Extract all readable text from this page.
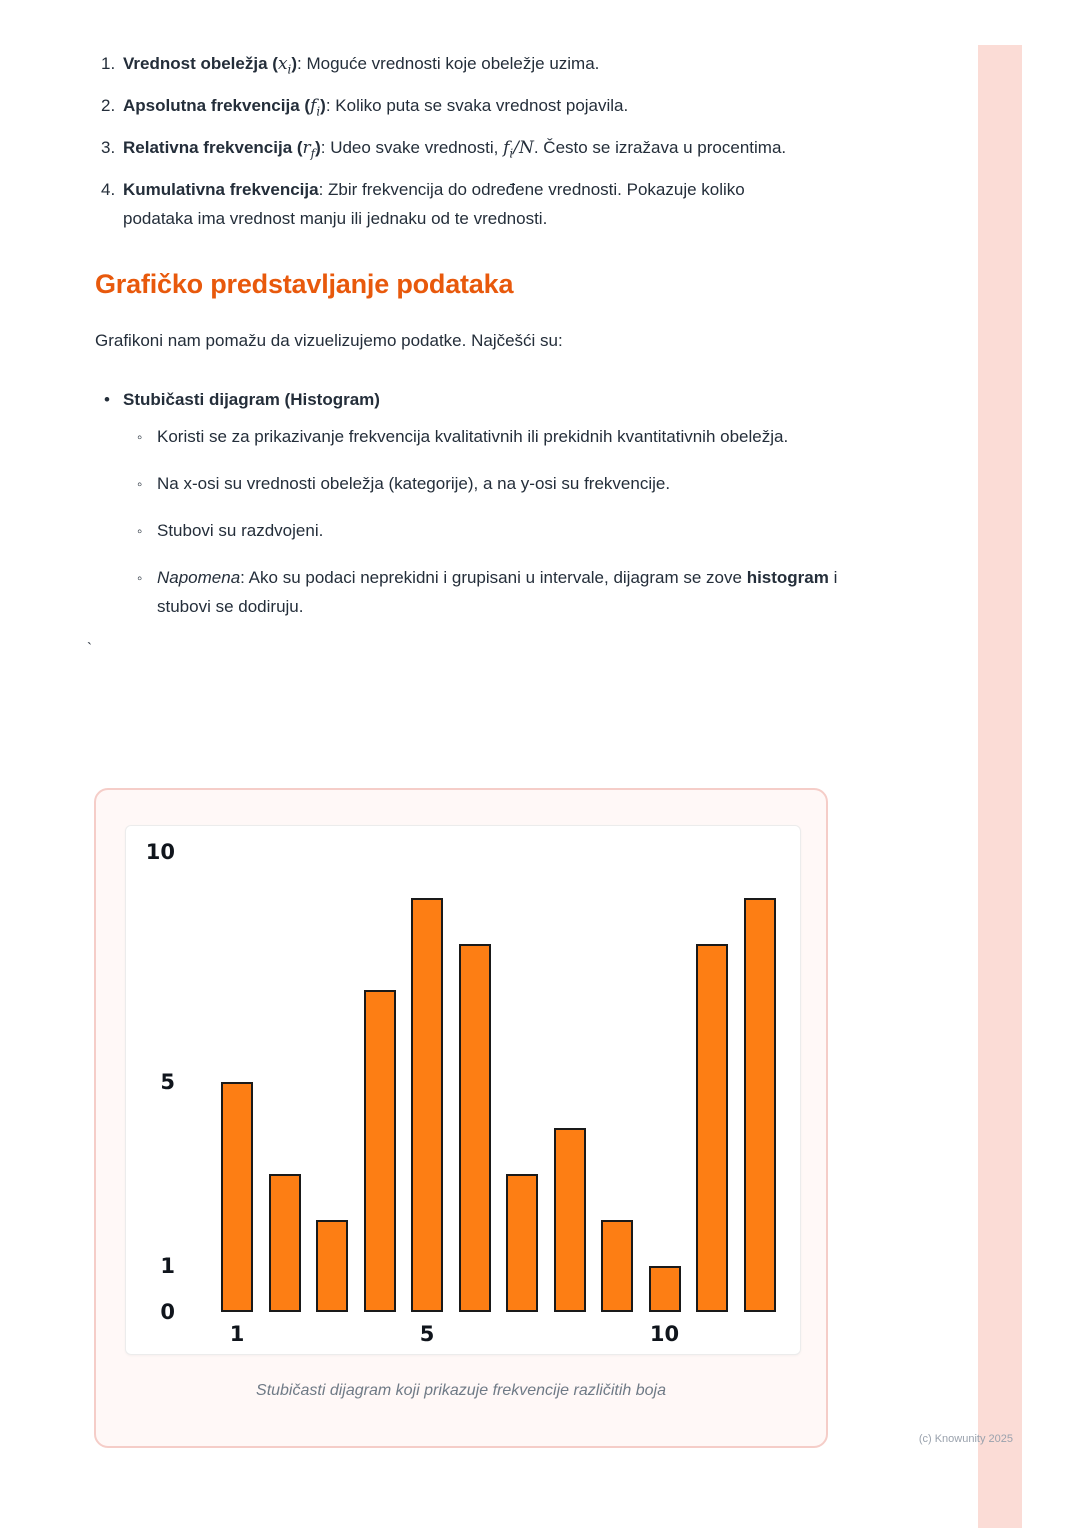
Vrednost obeležja $(x_i)$: Moguće vrednosti koje obeležje uzima.
Apsolutna frekvencija $(f_i)$: Koliko puta se svaka vrednost pojavila.
Relativna frekvencija $(r_f)$: Udeo svake vrednosti, $f_i/N$. Često se izražava u procentima.
Kumulativna frekvencija: Zbir frekvencija do određene vrednosti. Pokazuje koliko podataka ima vrednost manju ili jednaku od te vrednosti.
Grafičko predstavljanje podataka

Grafikoni nam pomažu da vizuelizujemo podatke. Najčešći su:

• Stubičasti dijagram (Histogram)
◦ Koristi se za prikazivanje frekvencija kvalitativnih ili prekidnih kvantitativnih obeležja.
◦ Na x-osi su vrednosti obeležja (kategorije), a na y-osi su frekvencije.
◦ Stubovi su razdvojeni.
◦ Napomena: Ako su podaci neprekidni i grupisani u intervale, dijagram se zove histogram i stubovi se dodiruju.
`
10
5
1
0
1	5	10
Stubičasti dijagram koji prikazuje frekvencije različitih boja
(c) Knowunity 2025
